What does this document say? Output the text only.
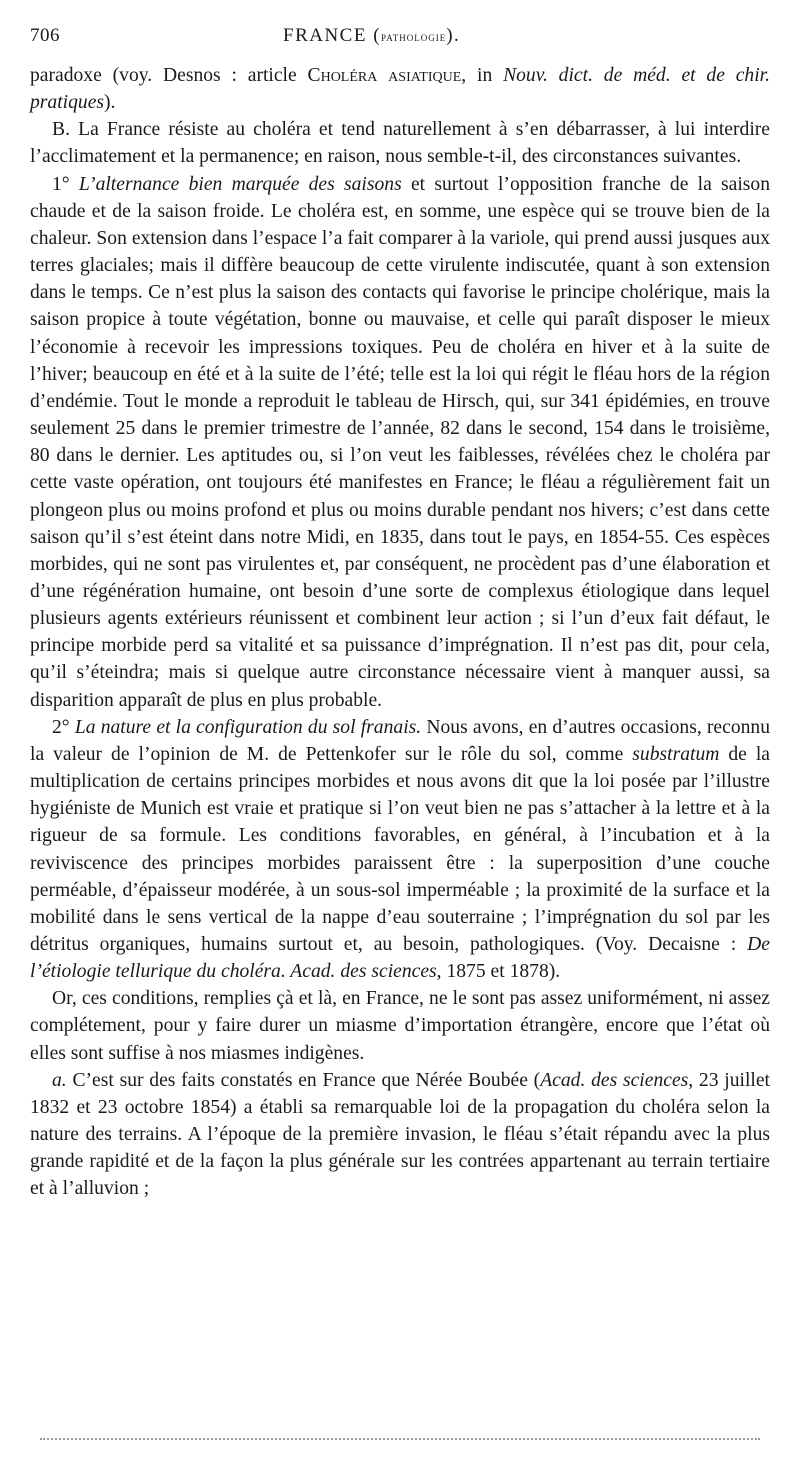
706	FRANCE (pathologie).

paradoxe (voy. Desnos : article Choléra asiatique, in Nouv. dict. de méd. et de chir. pratiques).

B. La France résiste au choléra et tend naturellement à s’en débarrasser, à lui interdire l’acclimatement et la permanence; en raison, nous semble-t-il, des circonstances suivantes.

1° L’alternance bien marquée des saisons et surtout l’opposition franche de la saison chaude et de la saison froide. Le choléra est, en somme, une espèce qui se trouve bien de la chaleur. Son extension dans l’espace l’a fait comparer à la variole, qui prend aussi jusques aux terres glaciales; mais il diffère beaucoup de cette virulente indiscutée, quant à son extension dans le temps. Ce n’est plus la saison des contacts qui favorise le principe cholérique, mais la saison propice à toute végétation, bonne ou mauvaise, et celle qui paraît disposer le mieux l’économie à recevoir les impressions toxiques. Peu de choléra en hiver et à la suite de l’hiver; beaucoup en été et à la suite de l’été; telle est la loi qui régit le fléau hors de la région d’endémie. Tout le monde a reproduit le tableau de Hirsch, qui, sur 341 épidémies, en trouve seulement 25 dans le premier trimestre de l’année, 82 dans le second, 154 dans le troisième, 80 dans le dernier. Les aptitudes ou, si l’on veut les faiblesses, révélées chez le choléra par cette vaste opération, ont toujours été manifestes en France; le fléau a régulièrement fait un plongeon plus ou moins profond et plus ou moins durable pendant nos hivers; c’est dans cette saison qu’il s’est éteint dans notre Midi, en 1835, dans tout le pays, en 1854-55. Ces espèces morbides, qui ne sont pas virulentes et, par conséquent, ne procèdent pas d’une élaboration et d’une régénération humaine, ont besoin d’une sorte de complexus étiologique dans lequel plusieurs agents extérieurs réunissent et combinent leur action ; si l’un d’eux fait défaut, le principe morbide perd sa vitalité et sa puissance d’imprégnation. Il n’est pas dit, pour cela, qu’il s’éteindra; mais si quelque autre circonstance nécessaire vient à manquer aussi, sa disparition apparaît de plus en plus probable.

2° La nature et la configuration du sol franais. Nous avons, en d’autres occasions, reconnu la valeur de l’opinion de M. de Pettenkofer sur le rôle du sol, comme substratum de la multiplication de certains principes morbides et nous avons dit que la loi posée par l’illustre hygiéniste de Munich est vraie et pratique si l’on veut bien ne pas s’attacher à la lettre et à la rigueur de sa formule. Les conditions favorables, en général, à l’incubation et à la reviviscence des principes morbides paraissent être : la superposition d’une couche perméable, d’épaisseur modérée, à un sous-sol imperméable ; la proximité de la surface et la mobilité dans le sens vertical de la nappe d’eau souterraine ; l’imprégnation du sol par les détritus organiques, humains surtout et, au besoin, pathologiques. (Voy. Decaisne : De l’étiologie tellurique du choléra. Acad. des sciences, 1875 et 1878).

Or, ces conditions, remplies çà et là, en France, ne le sont pas assez uniformément, ni assez complétement, pour y faire durer un miasme d’importation étrangère, encore que l’état où elles sont suffise à nos miasmes indigènes.

a. C’est sur des faits constatés en France que Nérée Boubée (Acad. des sciences, 23 juillet 1832 et 23 octobre 1854) a établi sa remarquable loi de la propagation du choléra selon la nature des terrains. A l’époque de la première invasion, le fléau s’était répandu avec la plus grande rapidité et de la façon la plus générale sur les contrées appartenant au terrain tertiaire et à l’alluvion ;
